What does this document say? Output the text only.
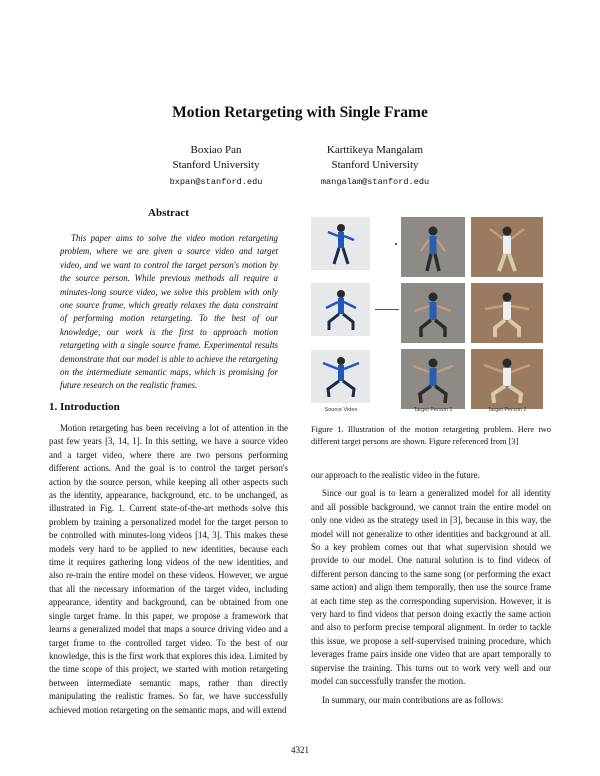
Motion Retargeting with Single Frame
Boxiao Pan
Stanford University
bxpan@stanford.edu
Karttikeya Mangalam
Stanford University
mangalam@stanford.edu
Abstract

This paper aims to solve the video motion retargeting problem, where we are given a source video and target video, and we want to control the target person's motion by the source person. While previous methods all require a minutes-long source video, we solve this problem with only one source frame, which greatly relaxes the data constraint of performing motion retargeting. To the best of our knowledge, our work is the first to approach motion retargeting with a single source frame. Experimental results demonstrate that our model is able to achieve the retargeting on the intermediate semantic maps, which is promising for future research on the realistic frames.

1. Introduction

Motion retargeting has been receiving a lot of attention in the past few years [3, 14, 1]. In this setting, we have a source video and a target video, where there are two persons performing different actions. And the goal is to control the target person's action by the source person, while keeping all other aspects such as the identity, appearance, background, etc. to be unchanged, as illustrated in Fig. 1. Current state-of-the-art methods solve this problem by training a personalized model for the target person to be controlled with minutes-long videos [14, 3]. This makes these models very hard to be applied to new identities, because each time it requires gathering long videos of the new identities, and also re-train the entire model on these videos. However, we argue that all the necessary information of the target video, including appearance, identity and background, can be obtained from one single target frame. In this paper, we propose a framework that learns a generalized model that maps a source driving video and a target frame to the controlled target video. To the best of our knowledge, this is the first work that explores this idea. Limited by the time scope of this project, we started with motion retargeting between intermediate semantic maps, rather than directly manipulating the realistic frames. So far, we have successfully achieved motion retargeting on the semantic maps, and will extend

Source Video	Target Person 1	Target Person 2
Figure 1. Illustration of the motion retargeting problem. Here two different target persons are shown. Figure referenced from [3]

our approach to the realistic video in the future.

Since our goal is to learn a generalized model for all identity and all possible background, we cannot train the entire model on only one video as the strategy used in [3], because in this way, the model will not generalize to other identities and background at all. So a key problem comes out that what supervision should we provide to our model. One natural solution is to find videos of different person dancing to the same song (or performing the exact same action) and align them temporally, then use the source frame at each time step as the corresponding supervision. However, it is very hard to find videos that person doing exactly the same action and also to perform precise temporal alignment. In order to tackle this issue, we propose a self-supervised training procedure, which leverages frame pairs inside one video that are apart temporally to supervise the training. This turns out to work very well and our model can successfully transfer the motion.

In summary, our main contributions are as follows:

4321
